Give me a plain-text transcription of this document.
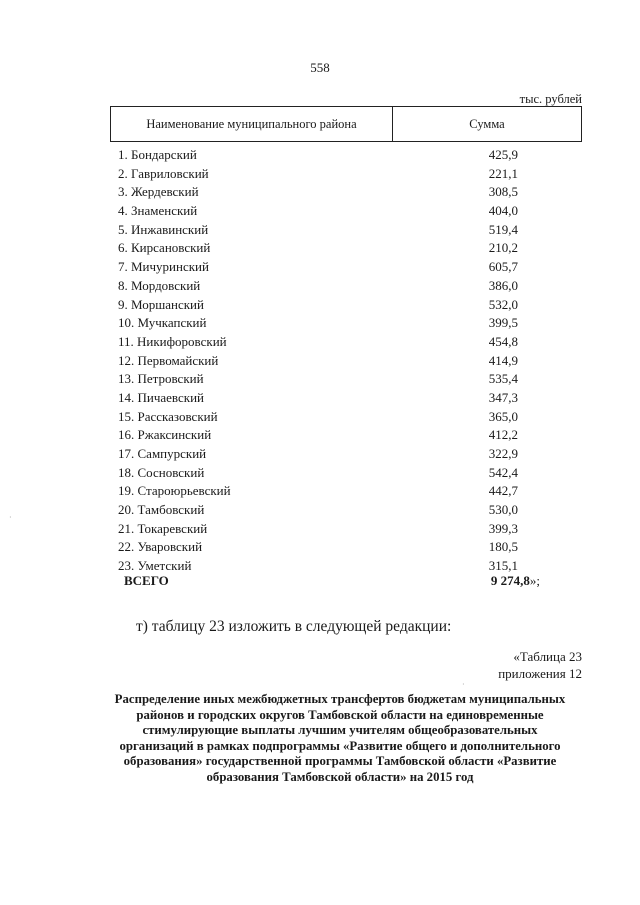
558
тыс. рублей
Наименование муниципального района	Сумма
1. Бондарский	425,9
2. Гавриловский	221,1
3. Жердевский	308,5
4. Знаменский	404,0
5. Инжавинский	519,4
6. Кирсановский	210,2
7. Мичуринский	605,7
8. Мордовский	386,0
9. Моршанский	532,0
10. Мучкапский	399,5
11. Никифоровский	454,8
12. Первомайский	414,9
13. Петровский	535,4
14. Пичаевский	347,3
15. Рассказовский	365,0
16. Ржаксинский	412,2
17. Сампурский	322,9
18. Сосновский	542,4
19. Староюрьевский	442,7
20. Тамбовский	530,0
21. Токаревский	399,3
22. Уваровский	180,5
23. Уметский	315,1
ВСЕГО	9 274,8»;
т) таблицу 23 изложить в следующей редакции:
«Таблица 23
приложения 12
Распределение иных межбюджетных трансфертов бюджетам муниципальных
районов и городских округов Тамбовской области на единовременные
стимулирующие выплаты лучшим учителям общеобразовательных
организаций в рамках подпрограммы «Развитие общего и дополнительного
образования» государственной программы Тамбовской области «Развитие
образования Тамбовской области» на 2015 год
·
·
